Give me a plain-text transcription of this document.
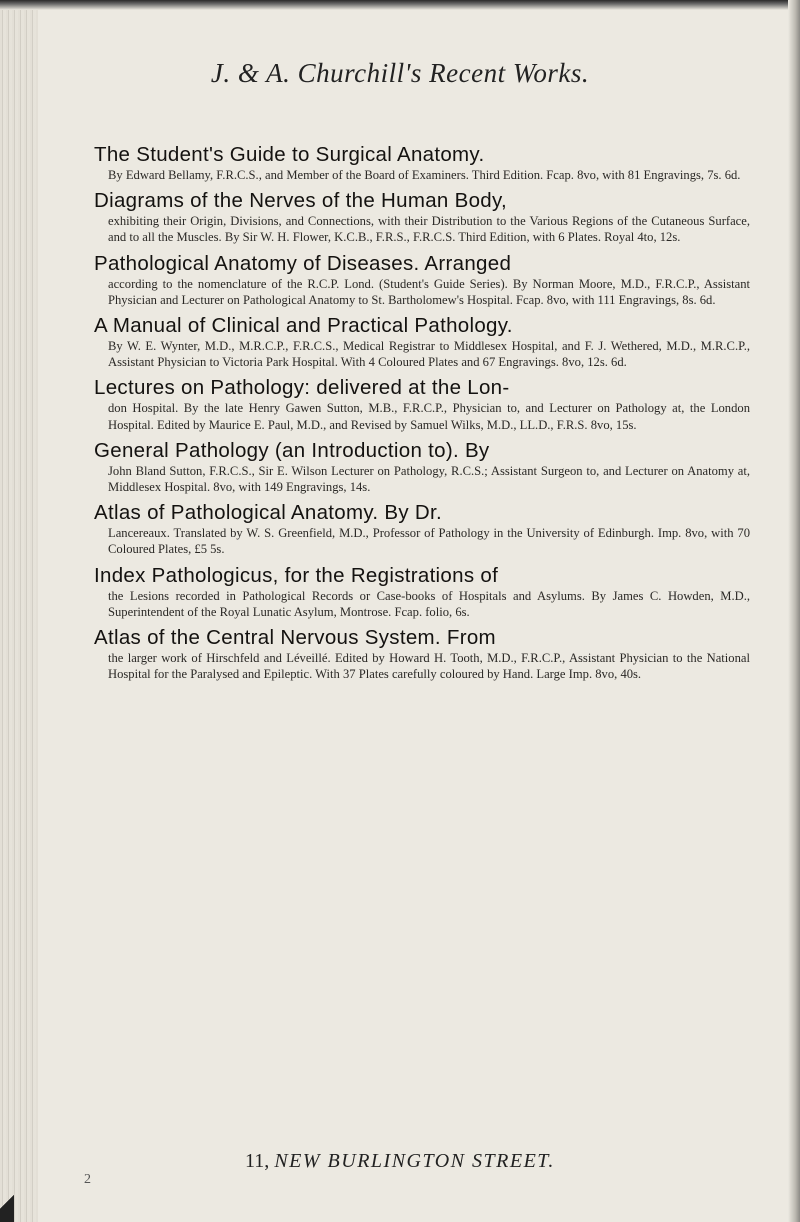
J. & A. Churchill's Recent Works.
The Student's Guide to Surgical Anatomy.
By Edward Bellamy, F.R.C.S., and Member of the Board of Examiners. Third Edition. Fcap. 8vo, with 81 Engravings, 7s. 6d.
Diagrams of the Nerves of the Human Body,
exhibiting their Origin, Divisions, and Connections, with their Distribution to the Various Regions of the Cutaneous Surface, and to all the Muscles. By Sir W. H. Flower, K.C.B., F.R.S., F.R.C.S. Third Edition, with 6 Plates. Royal 4to, 12s.
Pathological Anatomy of Diseases. Arranged
according to the nomenclature of the R.C.P. Lond. (Student's Guide Series). By Norman Moore, M.D., F.R.C.P., Assistant Physician and Lecturer on Pathological Anatomy to St. Bartholomew's Hospital. Fcap. 8vo, with 111 Engravings, 8s. 6d.
A Manual of Clinical and Practical Pathology.
By W. E. Wynter, M.D., M.R.C.P., F.R.C.S., Medical Registrar to Middlesex Hospital, and F. J. Wethered, M.D., M.R.C.P., Assistant Physician to Victoria Park Hospital. With 4 Coloured Plates and 67 Engravings. 8vo, 12s. 6d.
Lectures on Pathology: delivered at the Lon-
don Hospital. By the late Henry Gawen Sutton, M.B., F.R.C.P., Physician to, and Lecturer on Pathology at, the London Hospital. Edited by Maurice E. Paul, M.D., and Revised by Samuel Wilks, M.D., LL.D., F.R.S. 8vo, 15s.
General Pathology (an Introduction to). By
John Bland Sutton, F.R.C.S., Sir E. Wilson Lecturer on Pathology, R.C.S.; Assistant Surgeon to, and Lecturer on Anatomy at, Middlesex Hospital. 8vo, with 149 Engravings, 14s.
Atlas of Pathological Anatomy. By Dr.
Lancereaux. Translated by W. S. Greenfield, M.D., Professor of Pathology in the University of Edinburgh. Imp. 8vo, with 70 Coloured Plates, £5 5s.
Index Pathologicus, for the Registrations of
the Lesions recorded in Pathological Records or Case-books of Hospitals and Asylums. By James C. Howden, M.D., Superintendent of the Royal Lunatic Asylum, Montrose. Fcap. folio, 6s.
Atlas of the Central Nervous System. From
the larger work of Hirschfeld and Léveillé. Edited by Howard H. Tooth, M.D., F.R.C.P., Assistant Physician to the National Hospital for the Paralysed and Epileptic. With 37 Plates carefully coloured by Hand. Large Imp. 8vo, 40s.
11, NEW BURLINGTON STREET.
2
